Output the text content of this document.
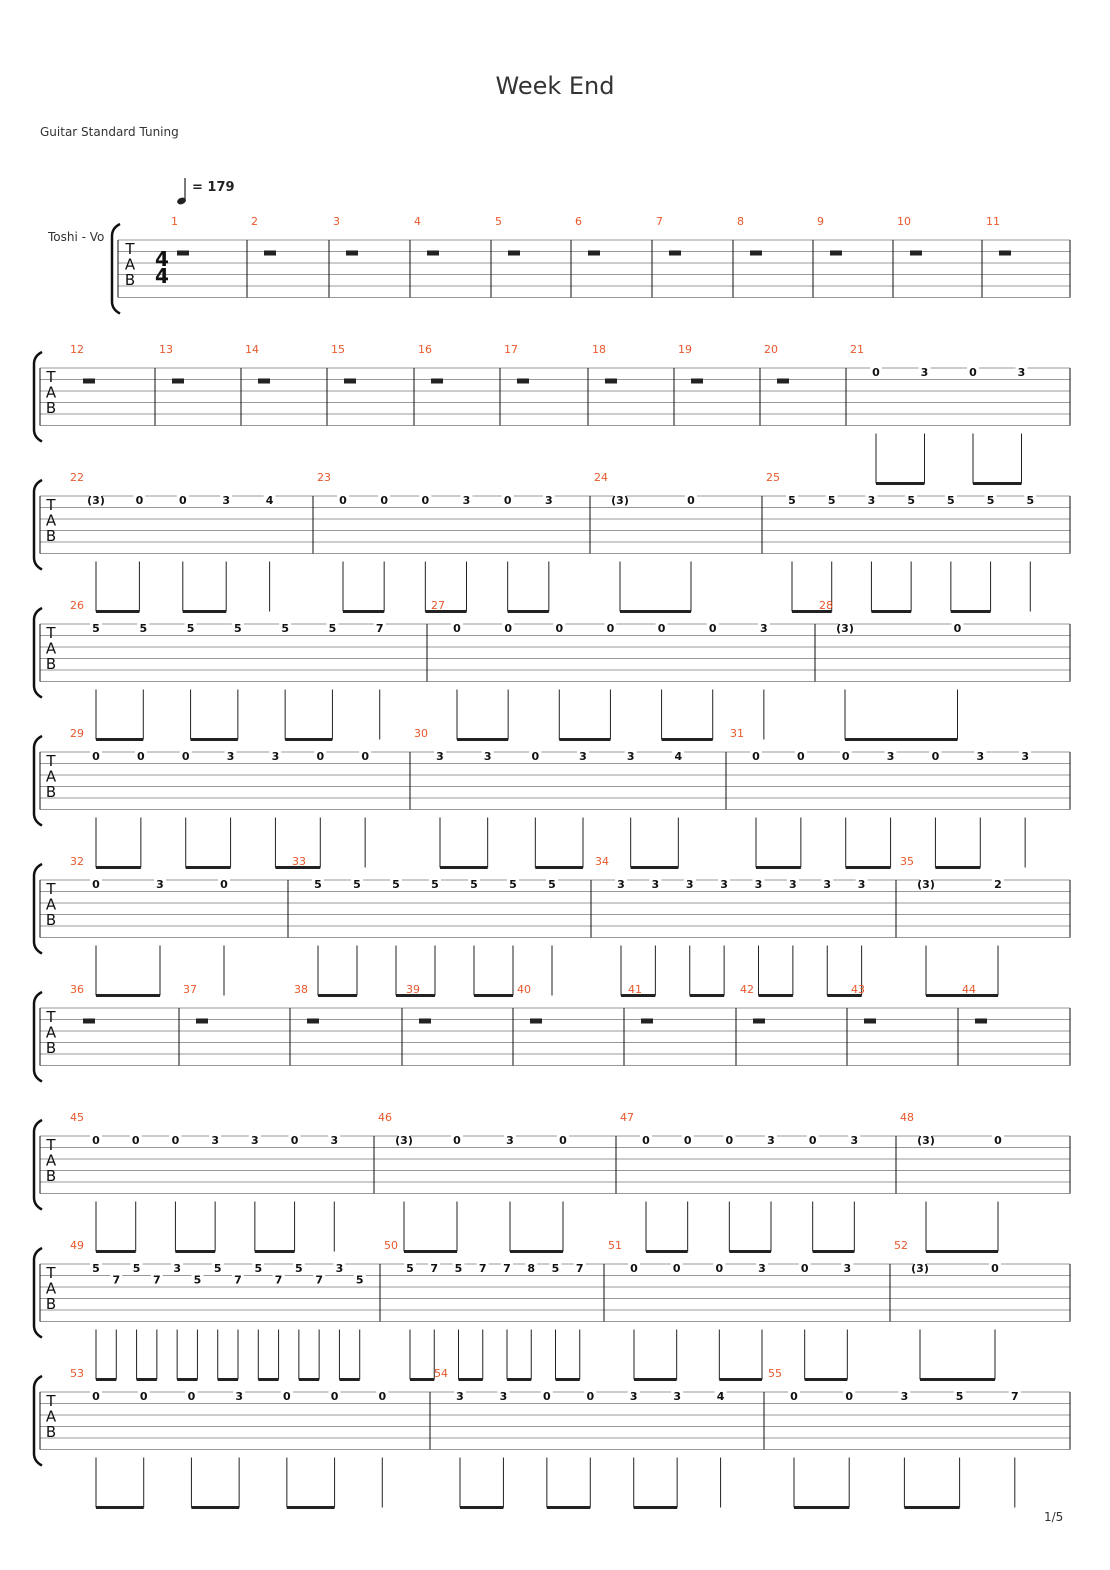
Week End
Guitar Standard Tuning
= 179
Toshi - Vo
1/5
T
A
B
4
4
1	2	3	4	5	6	7	8	9	10	11
T
A
B
12	13	14	15	16	17	18	19	20	21
0	3	0	3
T
A
B
22
(3)	0	0	3	4
23
0	0	0	3	0	3
24
(3)	0
25
5	5	3	5	5	5	5
T
A
B
26
5	5	5	5	5	5	7
27
0	0	0	0	0	0	3
28
(3)	0
T
A
B
29
0	0	0	3	3	0	0
30
3	3	0	3	3	4
31
0	0	0	3	0	3	3
T
A
B
32
0	3	0
33
5	5	5	5	5	5	5
34
3 3 3 3 3 3 3 3
35
(3)	2
T
A
B
36	37	38	39	40	41	42	43	44
T
A
B
45
0	0	0	3	3	0	3
46
(3)	0	3	0
47
0	0	0	3	0	3
48
(3)	0
T
A
B
49
5
7
5
7
3
5
5
7
5
7
5
7
3
5
50
5 7 5 7 7 8 5 7
51
0	0	0	3	0	3
52
(3)	0
T
A
B
53
0	0	0	3	0	0	0
54
3	3	0	0	3	3	4
55
0	0	3	5	7
